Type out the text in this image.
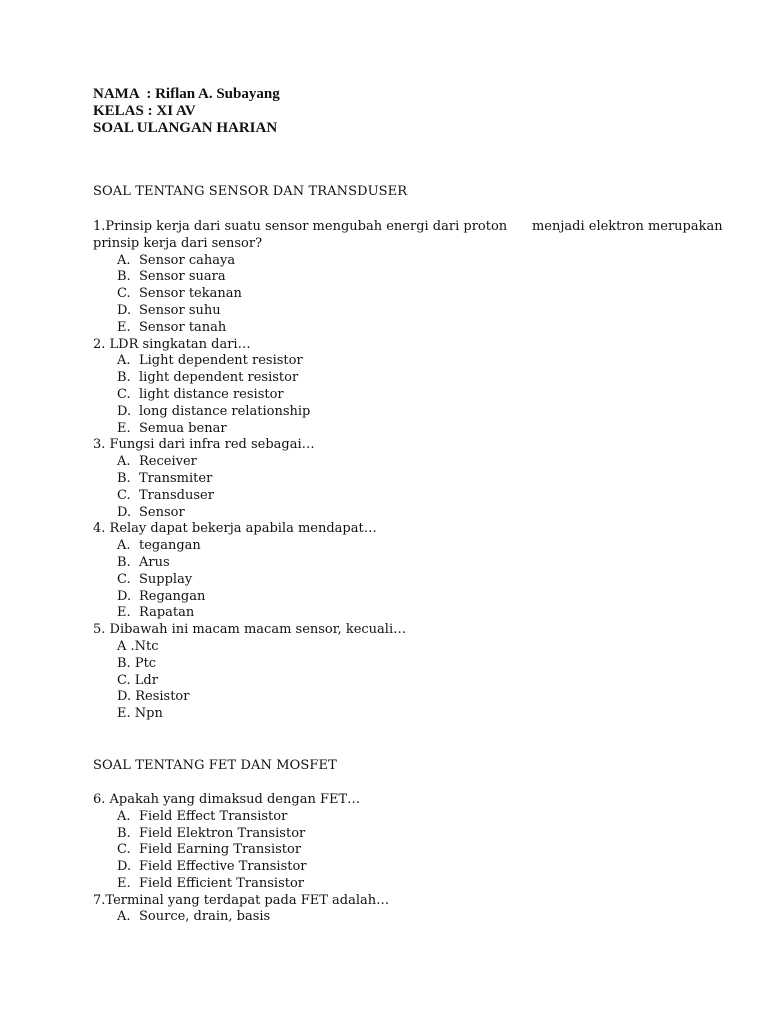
NAMA  : Riflan A. Subayang
KELAS : XI AV
SOAL ULANGAN HARIAN
SOAL TENTANG SENSOR DAN TRANSDUSER
1.Prinsip kerja dari suatu sensor mengubah energi dari proton      menjadi elektron merupakan
prinsip kerja dari sensor?
A. Sensor cahaya
B. Sensor suara
C. Sensor tekanan
D. Sensor suhu
E. Sensor tanah
2. LDR singkatan dari…
A. Light dependent resistor
B. light dependent resistor
C. light distance resistor
D. long distance relationship
E. Semua benar
3. Fungsi dari infra red sebagai…
A. Receiver
B. Transmiter
C. Transduser
D. Sensor
4. Relay dapat bekerja apabila mendapat…
A. tegangan
B. Arus
C. Supplay
D. Regangan
E. Rapatan
5. Dibawah ini macam macam sensor, kecuali…
A .Ntc
B. Ptc
C. Ldr
D. Resistor
E. Npn
SOAL TENTANG FET DAN MOSFET
6. Apakah yang dimaksud dengan FET…
A. Field Effect Transistor
B. Field Elektron Transistor
C. Field Earning Transistor
D. Field Effective Transistor
E. Field Efficient Transistor
7.Terminal yang terdapat pada FET adalah…
A. Source, drain, basis
